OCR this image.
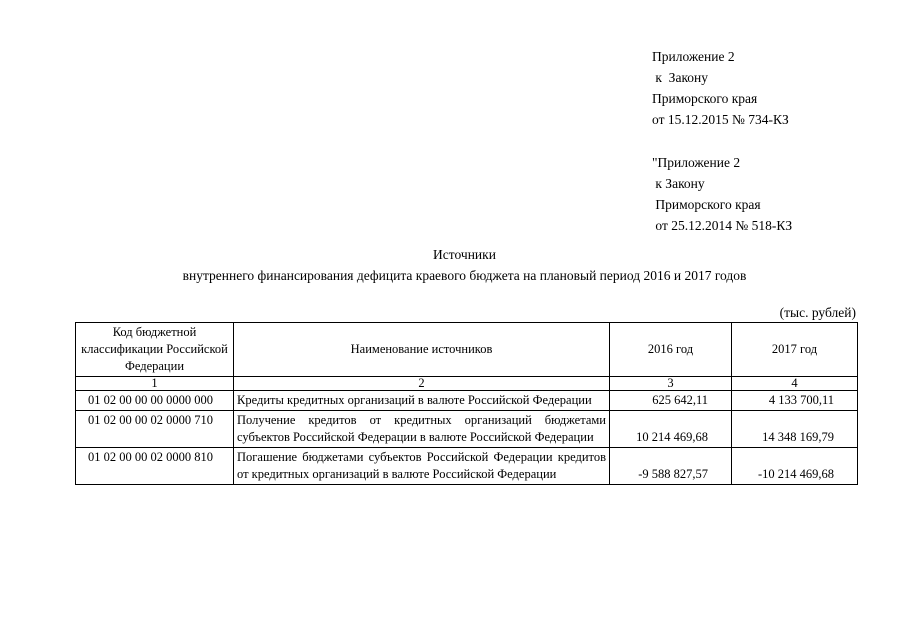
Приложение 2
к  Закону
Приморского края
от 15.12.2015 № 734-КЗ
"Приложение 2
к Закону
Приморского края
от 25.12.2014 № 518-КЗ
Источники
внутреннего финансирования дефицита краевого бюджета на плановый период 2016 и 2017 годов
(тыс. рублей)
Код бюджетной классификации Российской Федерации	Наименование источников	2016 год	2017 год
1	2	3	4
01 02 00 00 00 0000 000	Кредиты кредитных организаций в валюте Российской Федерации	625 642,11	4 133 700,11
01 02 00 00 02 0000 710	Получение кредитов от кредитных организаций бюджетами субъектов Российской Федерации в валюте Российской Федерации	10 214 469,68	14 348 169,79
01 02 00 00 02 0000 810	Погашение бюджетами субъектов Российской Федерации кредитов от кредитных организаций в валюте Российской Федерации	-9 588 827,57	-10 214 469,68
